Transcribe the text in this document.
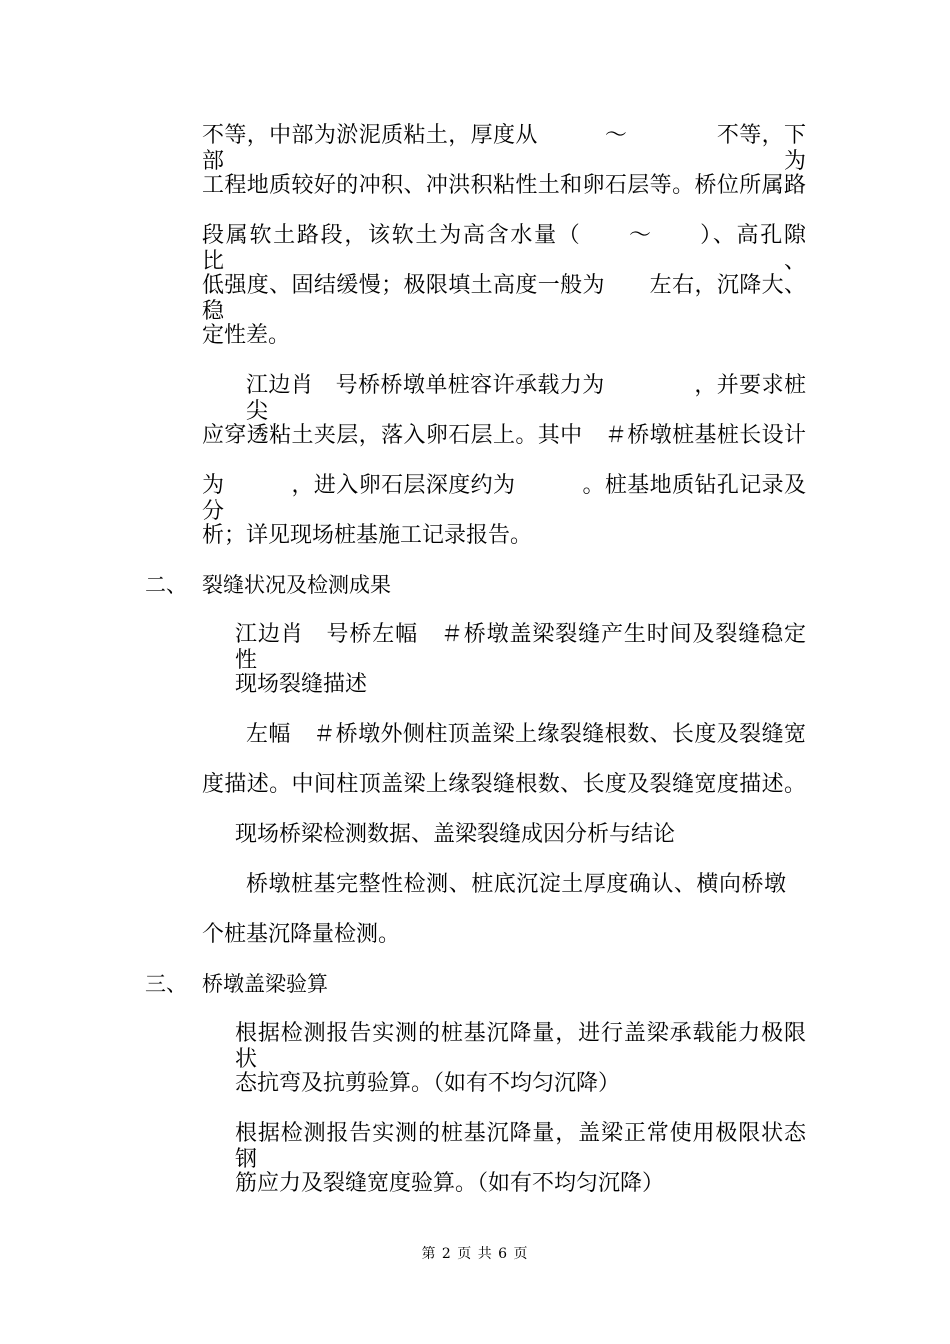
不等，中部为淤泥质粘土，厚度从　　　～　　　　不等，下部为
工程地质较好的冲积、冲洪积粘性土和卵石层等。桥位所属路
段属软土路段，该软土为高含水量（　　～　　）、高孔隙比、
低强度、固结缓慢；极限填土高度一般为　　左右，沉降大、稳
定性差。
江边肖　号桥桥墩单桩容许承载力为　　　　，并要求桩尖
应穿透粘土夹层，落入卵石层上。其中　＃桥墩桩基桩长设计
为　　　，进入卵石层深度约为　　　。桩基地质钻孔记录及分
析；详见现场桩基施工记录报告。
二、 裂缝状况及检测成果
江边肖　号桥左幅　＃桥墩盖梁裂缝产生时间及裂缝稳定性
现场裂缝描述
左幅　＃桥墩外侧柱顶盖梁上缘裂缝根数、长度及裂缝宽
度描述。中间柱顶盖梁上缘裂缝根数、长度及裂缝宽度描述。
现场桥梁检测数据、盖梁裂缝成因分析与结论
桥墩桩基完整性检测、桩底沉淀土厚度确认、横向桥墩
个桩基沉降量检测。
三、 桥墩盖梁验算
根据检测报告实测的桩基沉降量，进行盖梁承载能力极限状
态抗弯及抗剪验算。（如有不均匀沉降）
根据检测报告实测的桩基沉降量，盖梁正常使用极限状态钢
筋应力及裂缝宽度验算。（如有不均匀沉降）
第 2 页 共 6 页
